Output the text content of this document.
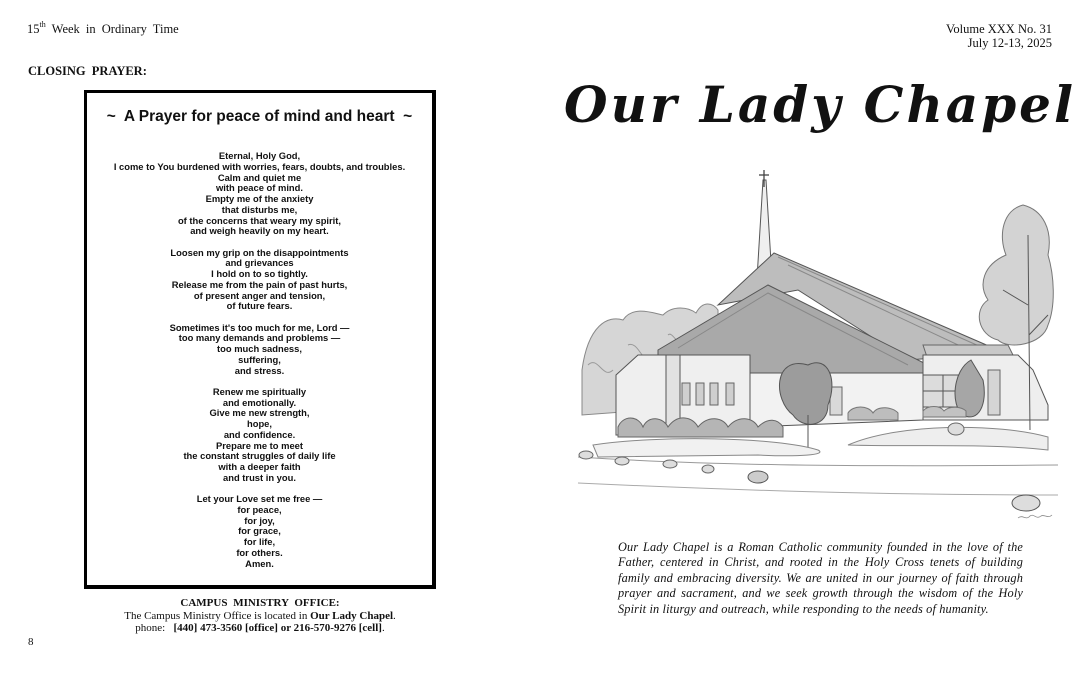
15th Week in Ordinary Time	Volume XXX No. 31
July 12-13, 2025
CLOSING PRAYER:
~  A Prayer for peace of mind and heart  ~
Eternal, Holy God,
I come to You burdened with worries, fears, doubts, and troubles.
Calm and quiet me
with peace of mind.
Empty me of the anxiety
that disturbs me,
of the concerns that weary my spirit,
and weigh heavily on my heart.
Loosen my grip on the disappointments
and grievances
I hold on to so tightly.
Release me from the pain of past hurts,
of present anger and tension,
of future fears.
Sometimes it's too much for me, Lord —
too many demands and problems —
too much sadness,
suffering,
and stress.
Renew me spiritually
and emotionally.
Give me new strength,
hope,
and confidence.
Prepare me to meet
the constant struggles of daily life
with a deeper faith
and trust in you.
Let your Love set me free —
for peace,
for joy,
for grace,
for life,
for others.
Amen.
CAMPUS MINISTRY OFFICE:
The Campus Ministry Office is located in Our Lady Chapel.
phone: [440] 473-3560 [office] or 216-570-9276 [cell].
8
Our Lady Chapel
Our Lady Chapel is a Roman Catholic community founded in the love of the Father, centered in Christ, and rooted in the Holy Cross tenets of building family and embracing diversity. We are united in our journey of faith through prayer and sacrament, and we seek growth through the wisdom of the Holy Spirit in liturgy and outreach, while responding to the needs of humanity.
